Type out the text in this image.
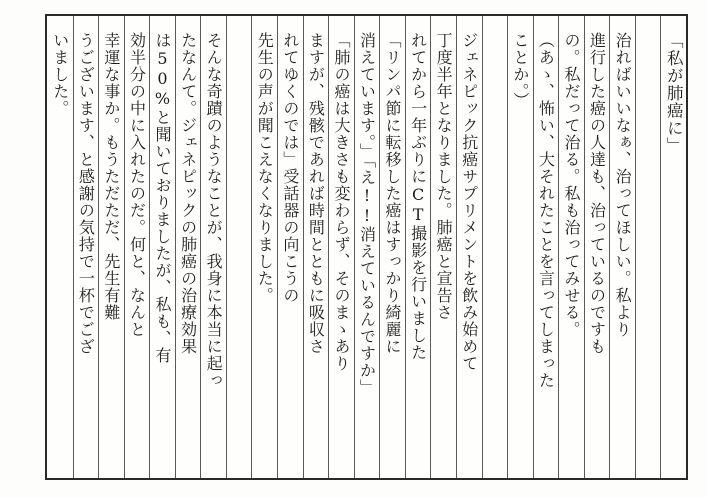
「私が肺癌に」
治ればいいなぁ、治ってほしい。私より
進行した癌の人達も、治っているのですも
の。私だって治る。私も治ってみせる。
（あゝ、怖い、大それたことを言ってしまった
ことか。）
ジェネピック抗癌サプリメントを飲み始めて
丁度半年となりました。肺癌と宣告さ
れてから一年ぶりにCT撮影を行いました
「リンパ節に転移した癌はすっかり綺麗に
消えています。」「え!!消えているんですか」
「肺の癌は大きさも変わらず、そのまゝあり
ますが、残骸であれば時間とともに吸収さ
れてゆくのでは」受話器の向こうの
先生の声が聞こえなくなりました。
そんな奇蹟のようなことが、我身に本当に起っ
たなんて。ジェネピックの肺癌の治療効果
は50%と聞いておりましたが、私も、有
効半分の中に入れたのだ。何と、なんと
幸運な事か。もうただただ、先生有難
うございます、と感謝の気持で一杯でござ
いました。
